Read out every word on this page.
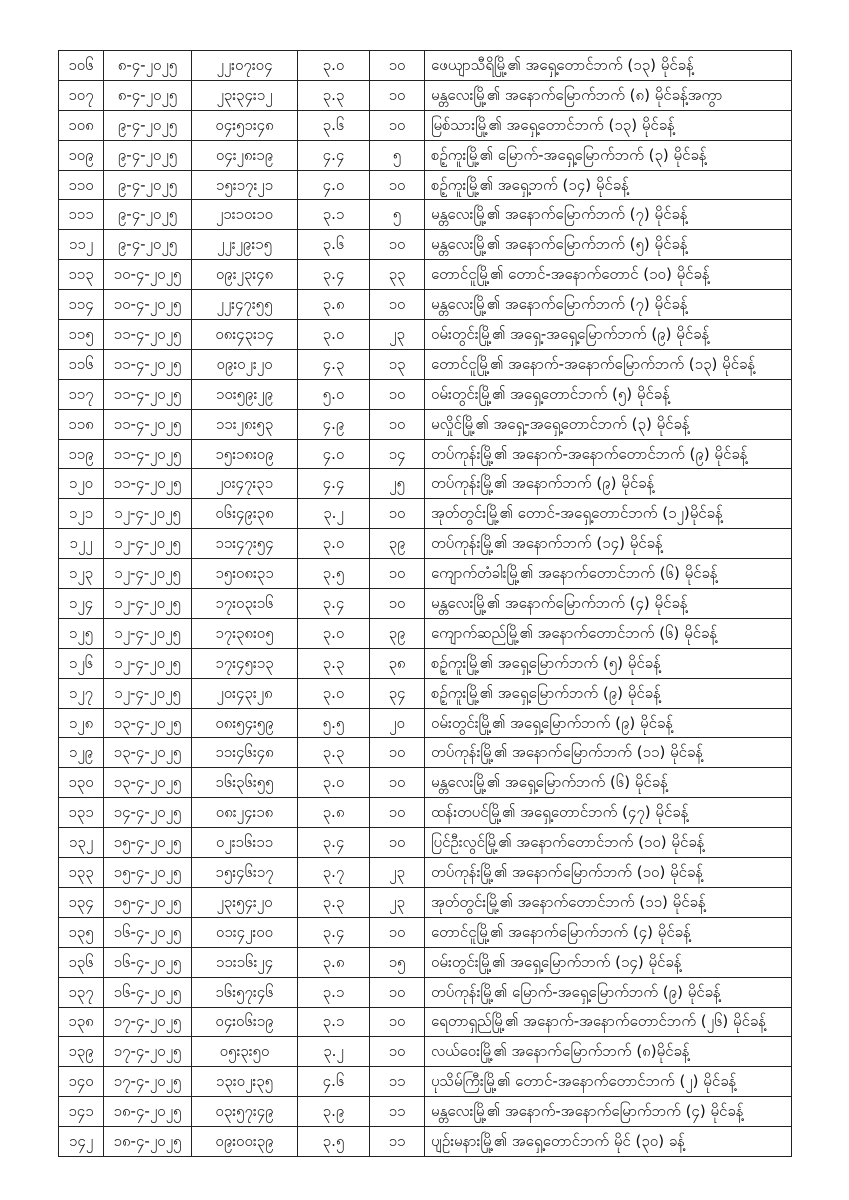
၁၀၆	၈-၄-၂၀၂၅	၂၂း၀၇း၀၄	၃.၀	၁၀	ဖေယျာသီရိမြို့၏ အရှေ့တောင်ဘက် (၁၃) မိုင်ခန့်
၁၀၇	၈-၄-၂၀၂၅	၂၃း၃၄း၁၂	၃.၃	၁၀	မန္တလေးမြို့၏ အနောက်မြောက်ဘက် (၈) မိုင်ခန့်အကွာ
၁၀၈	၉-၄-၂၀၂၅	၀၄း၅၁း၄၈	၃.၆	၁၀	မြစ်သားမြို့၏ အရှေ့တောင်ဘက် (၁၃) မိုင်ခန့်
၁၀၉	၉-၄-၂၀၂၅	၀၄း၂၈း၁၉	၄.၄	၅	စဉ့်ကူးမြို့၏ မြောက်-အရှေ့မြောက်ဘက် (၃) မိုင်ခန့်
၁၁၀	၉-၄-၂၀၂၅	၁၅း၁၇း၂၁	၄.၀	၁၀	စဉ့်ကူးမြို့၏ အရှေ့ဘက် (၁၄) မိုင်ခန့်
၁၁၁	၉-၄-၂၀၂၅	၂၁း၁၀း၁၀	၃.၁	၅	မန္တလေးမြို့၏ အနောက်မြောက်ဘက် (၇) မိုင်ခန့်
၁၁၂	၉-၄-၂၀၂၅	၂၂း၂၉း၁၅	၃.၆	၁၀	မန္တလေးမြို့၏ အနောက်မြောက်ဘက် (၅) မိုင်ခန့်
၁၁၃	၁၀-၄-၂၀၂၅	၀၉း၂၃း၄၈	၃.၄	၃၃	တောင်ငူမြို့၏ တောင်-အနောက်တောင် (၁၀) မိုင်ခန့်
၁၁၄	၁၀-၄-၂၀၂၅	၂၂း၄၇း၅၅	၃.၈	၁၀	မန္တလေးမြို့၏ အနောက်မြောက်ဘက် (၇) မိုင်ခန့်
၁၁၅	၁၁-၄-၂၀၂၅	၀၈း၄၃း၁၄	၃.၀	၂၃	ဝမ်းတွင်းမြို့၏ အရှေ့-အရှေ့မြောက်ဘက် (၉) မိုင်ခန့်
၁၁၆	၁၁-၄-၂၀၂၅	၀၉း၀၂း၂၀	၄.၃	၁၃	တောင်ငူမြို့၏ အနောက်-အနောက်မြောက်ဘက် (၁၃) မိုင်ခန့်
၁၁၇	၁၁-၄-၂၀၂၅	၁၀း၅၉း၂၉	၅.၀	၁၀	ဝမ်းတွင်းမြို့၏ အရှေ့တောင်ဘက် (၅) မိုင်ခန့်
၁၁၈	၁၁-၄-၂၀၂၅	၁၁း၂၈း၅၃	၄.၉	၁၀	မလှိုင်မြို့၏ အရှေ့-အရှေ့တောင်ဘက် (၃) မိုင်ခန့်
၁၁၉	၁၁-၄-၂၀၂၅	၁၅း၁၈း၀၉	၄.၀	၁၄	တပ်ကုန်းမြို့၏ အနောက်-အနောက်တောင်ဘက် (၉) မိုင်ခန့်
၁၂၀	၁၁-၄-၂၀၂၅	၂၀း၄၇း၃၁	၄.၄	၂၅	တပ်ကုန်းမြို့၏ အနောက်ဘက် (၉) မိုင်ခန့်
၁၂၁	၁၂-၄-၂၀၂၅	၀၆း၄၉း၃၈	၃.၂	၁၀	အုတ်တွင်းမြို့၏ တောင်-အရှေ့တောင်ဘက် (၁၂)မိုင်ခန့်
၁၂၂	၁၂-၄-၂၀၂၅	၁၁း၄၇း၅၄	၃.၀	၃၉	တပ်ကုန်းမြို့၏ အနောက်ဘက် (၁၄) မိုင်ခန့်
၁၂၃	၁၂-၄-၂၀၂၅	၁၅း၀၈း၃၁	၃.၅	၁၀	ကျောက်တံခါးမြို့၏ အနောက်တောင်ဘက် (၆) မိုင်ခန့်
၁၂၄	၁၂-၄-၂၀၂၅	၁၇း၀၃း၁၆	၃.၄	၁၀	မန္တလေးမြို့၏ အနောက်မြောက်ဘက် (၄) မိုင်ခန့်
၁၂၅	၁၂-၄-၂၀၂၅	၁၇း၃၈း၀၅	၃.၀	၃၉	ကျောက်ဆည်မြို့၏ အနောက်တောင်ဘက် (၆) မိုင်ခန့်
၁၂၆	၁၂-၄-၂၀၂၅	၁၇း၄၅း၁၃	၃.၃	၃၈	စဉ့်ကူးမြို့၏ အရှေ့မြောက်ဘက် (၅) မိုင်ခန့်
၁၂၇	၁၂-၄-၂၀၂၅	၂၀း၄၃း၂၈	၃.၀	၃၄	စဉ့်ကူးမြို့၏ အရှေ့မြောက်ဘက် (၉) မိုင်ခန့်
၁၂၈	၁၃-၄-၂၀၂၅	၀၈း၅၄း၅၉	၅.၅	၂၀	ဝမ်းတွင်းမြို့၏ အရှေ့မြောက်ဘက် (၉) မိုင်ခန့်
၁၂၉	၁၃-၄-၂၀၂၅	၁၁း၄၆း၄၈	၃.၃	၁၀	တပ်ကုန်းမြို့၏ အနောက်မြောက်ဘက် (၁၁) မိုင်ခန့်
၁၃၀	၁၃-၄-၂၀၂၅	၁၆း၃၆း၅၅	၃.၀	၁၀	မန္တလေးမြို့၏ အရှေ့မြောက်ဘက် (၆) မိုင်ခန့်
၁၃၁	၁၄-၄-၂၀၂၅	၀၈း၂၄း၁၈	၃.၈	၁၀	ထန်းတပင်မြို့၏ အရှေ့တောင်ဘက် (၄၇) မိုင်ခန့်
၁၃၂	၁၅-၄-၂၀၂၅	၀၂း၁၆း၁၁	၃.၄	၁၀	ပြင်ဦးလွင်မြို့၏ အနောက်တောင်ဘက် (၁၀) မိုင်ခန့်
၁၃၃	၁၅-၄-၂၀၂၅	၁၅း၄၆း၁၇	၃.၇	၂၃	တပ်ကုန်းမြို့၏ အနောက်မြောက်ဘက် (၁၀) မိုင်ခန့်
၁၃၄	၁၅-၄-၂၀၂၅	၂၃း၅၄း၂၀	၃.၃	၂၃	အုတ်တွင်းမြို့၏ အနောက်တောင်ဘက် (၁၁) မိုင်ခန့်
၁၃၅	၁၆-၄-၂၀၂၅	၀၁း၄၂း၀၀	၃.၄	၁၀	တောင်ငူမြို့၏ အနောက်မြောက်ဘက် (၄) မိုင်ခန့်
၁၃၆	၁၆-၄-၂၀၂၅	၁၁း၁၆း၂၄	၃.၈	၁၅	ဝမ်းတွင်းမြို့၏ အရှေ့မြောက်ဘက် (၁၄) မိုင်ခန့်
၁၃၇	၁၆-၄-၂၀၂၅	၁၆း၅၇း၄၆	၃.၁	၁၀	တပ်ကုန်းမြို့၏ မြောက်-အရှေ့မြောက်ဘက် (၉) မိုင်ခန့်
၁၃၈	၁၇-၄-၂၀၂၅	၀၄း၀၆း၁၉	၃.၁	၁၀	ရေတာရှည်မြို့၏ အနောက်-အနောက်တောင်ဘက် (၂၆) မိုင်ခန့်
၁၃၉	၁၇-၄-၂၀၂၅	၀၅း၃း၅၀	၃.၂	၁၀	လယ်ဝေးမြို့၏ အနောက်မြောက်ဘက် (၈)မိုင်ခန့်
၁၄၀	၁၇-၄-၂၀၂၅	၁၃း၀၂း၃၅	၄.၆	၁၁	ပုသိမ်ကြီးမြို့၏ တောင်-အနောက်တောင်ဘက် (၂) မိုင်ခန့်
၁၄၁	၁၈-၄-၂၀၂၅	၀၃း၅၇း၄၉	၃.၉	၁၁	မန္တလေးမြို့၏ အနောက်-အနောက်မြောက်ဘက် (၄) မိုင်ခန့်
၁၄၂	၁၈-၄-၂၀၂၅	၀၉း၀၀း၃၉	၃.၅	၁၁	ပျဉ်းမနားမြို့၏ အရှေ့တောင်ဘက် မိုင် (၃၀) ခန့်
